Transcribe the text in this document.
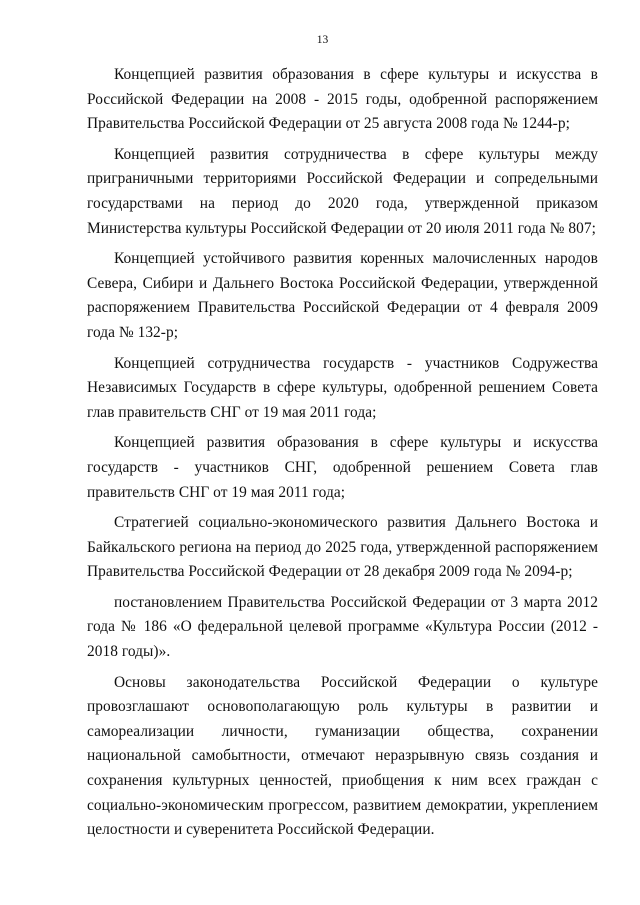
13

Концепцией развития образования в сфере культуры и искусства в Российской Федерации на 2008 - 2015 годы, одобренной распоряжением Правительства Российской Федерации от 25 августа 2008 года № 1244-р;

Концепцией развития сотрудничества в сфере культуры между приграничными территориями Российской Федерации и сопредельными государствами на период до 2020 года, утвержденной приказом Министерства культуры Российской Федерации от 20 июля 2011 года № 807;

Концепцией устойчивого развития коренных малочисленных народов Севера, Сибири и Дальнего Востока Российской Федерации, утвержденной распоряжением Правительства Российской Федерации от 4 февраля 2009 года № 132-р;

Концепцией сотрудничества государств - участников Содружества Независимых Государств в сфере культуры, одобренной решением Совета глав правительств СНГ от 19 мая 2011 года;

Концепцией развития образования в сфере культуры и искусства государств - участников СНГ, одобренной решением Совета глав правительств СНГ от 19 мая 2011 года;

Стратегией социально-экономического развития Дальнего Востока и Байкальского региона на период до 2025 года, утвержденной распоряжением Правительства Российской Федерации от 28 декабря 2009 года № 2094-р;

постановлением Правительства Российской Федерации от 3 марта 2012 года № 186 «О федеральной целевой программе «Культура России (2012 - 2018 годы)».

Основы законодательства Российской Федерации о культуре провозглашают основополагающую роль культуры в развитии и самореализации личности, гуманизации общества, сохранении национальной самобытности, отмечают неразрывную связь создания и сохранения культурных ценностей, приобщения к ним всех граждан с социально-экономическим прогрессом, развитием демократии, укреплением целостности и суверенитета Российской Федерации.
